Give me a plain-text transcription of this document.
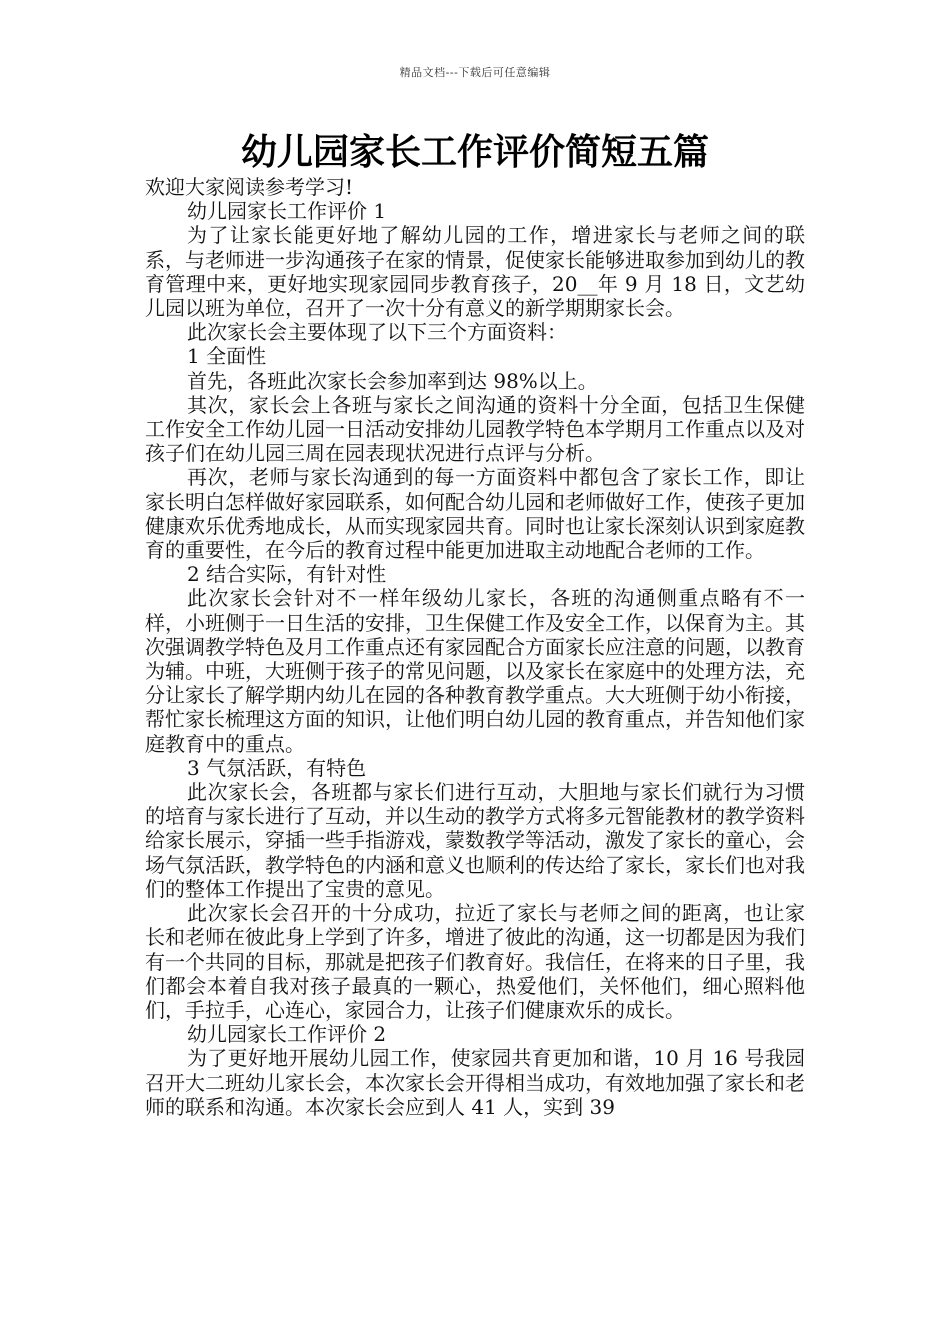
精品文档---下载后可任意编辑
幼儿园家长工作评价简短五篇

欢迎大家阅读参考学习!

幼儿园家长工作评价 1

为了让家长能更好地了解幼儿园的工作，增进家长与老师之间的联系，与老师进一步沟通孩子在家的情景，促使家长能够进取参加到幼儿的教育管理中来，更好地实现家园同步教育孩子，20__年 9 月 18 日，文艺幼儿园以班为单位，召开了一次十分有意义的新学期期家长会。

此次家长会主要体现了以下三个方面资料：

1 全面性

首先，各班此次家长会参加率到达 98%以上。

其次，家长会上各班与家长之间沟通的资料十分全面，包括卫生保健工作安全工作幼儿园一日活动安排幼儿园教学特色本学期月工作重点以及对孩子们在幼儿园三周在园表现状况进行点评与分析。

再次，老师与家长沟通到的每一方面资料中都包含了家长工作，即让家长明白怎样做好家园联系，如何配合幼儿园和老师做好工作，使孩子更加健康欢乐优秀地成长，从而实现家园共育。同时也让家长深刻认识到家庭教育的重要性，在今后的教育过程中能更加进取主动地配合老师的工作。

2 结合实际，有针对性

此次家长会针对不一样年级幼儿家长，各班的沟通侧重点略有不一样，小班侧于一日生活的安排，卫生保健工作及安全工作，以保育为主。其次强调教学特色及月工作重点还有家园配合方面家长应注意的问题，以教育为辅。中班，大班侧于孩子的常见问题，以及家长在家庭中的处理方法，充分让家长了解学期内幼儿在园的各种教育教学重点。大大班侧于幼小衔接，帮忙家长梳理这方面的知识，让他们明白幼儿园的教育重点，并告知他们家庭教育中的重点。

3 气氛活跃，有特色

此次家长会，各班都与家长们进行互动，大胆地与家长们就行为习惯的培育与家长进行了互动，并以生动的教学方式将多元智能教材的教学资料给家长展示，穿插一些手指游戏，蒙数教学等活动，激发了家长的童心，会场气氛活跃，教学特色的内涵和意义也顺利的传达给了家长，家长们也对我们的整体工作提出了宝贵的意见。

此次家长会召开的十分成功，拉近了家长与老师之间的距离，也让家长和老师在彼此身上学到了许多，增进了彼此的沟通，这一切都是因为我们有一个共同的目标，那就是把孩子们教育好。我信任，在将来的日子里，我们都会本着自我对孩子最真的一颗心，热爱他们，关怀他们，细心照料他们，手拉手，心连心，家园合力，让孩子们健康欢乐的成长。

幼儿园家长工作评价 2

为了更好地开展幼儿园工作，使家园共育更加和谐，10 月 16 号我园召开大二班幼儿家长会，本次家长会开得相当成功，有效地加强了家长和老师的联系和沟通。本次家长会应到人 41 人，实到 39
